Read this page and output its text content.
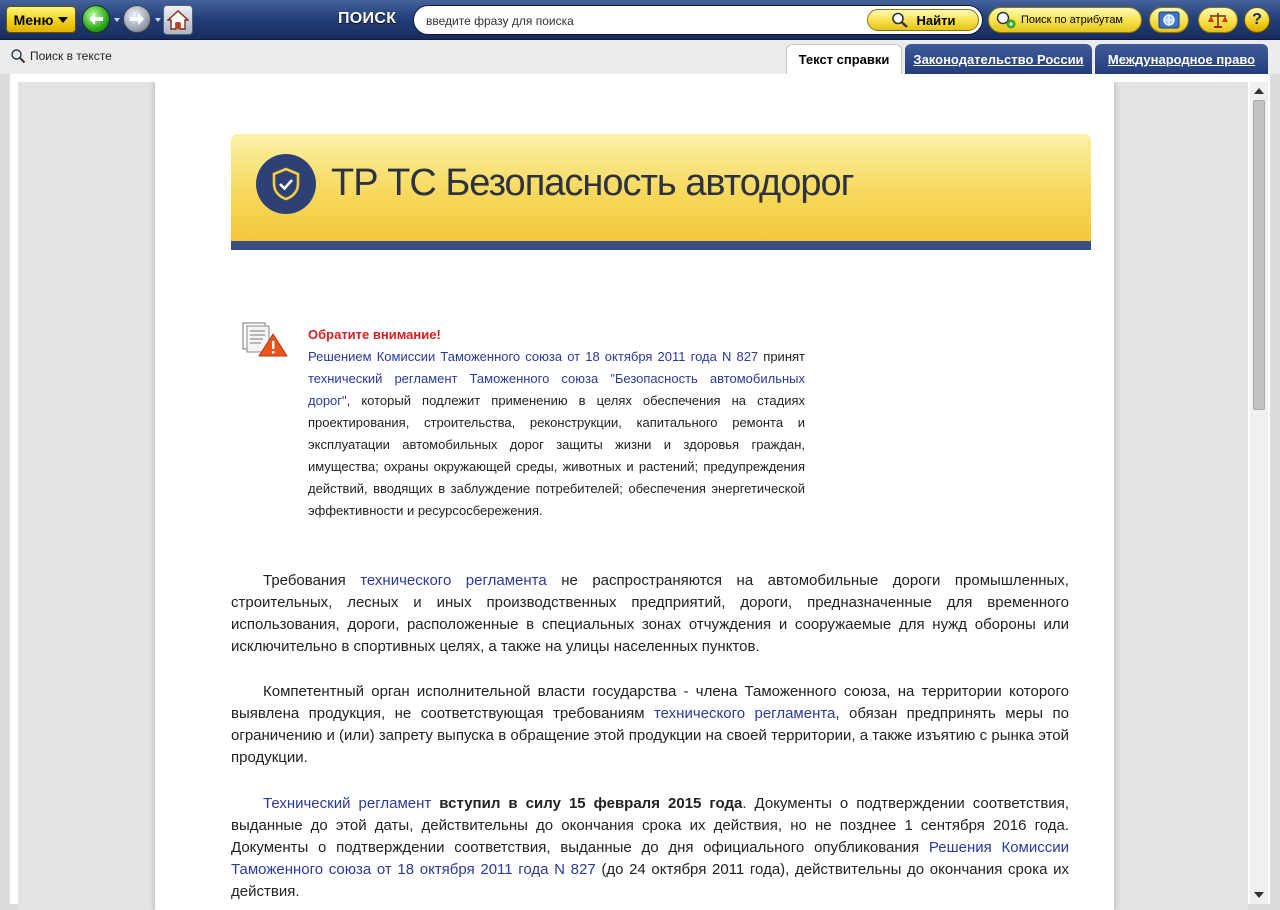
Меню	ПОИСК
введите фразу для поиска	Найти	Поиск по атрибутам	?
Поиск в тексте	Текст справки Законодательство России Международное право
ТР ТС Безопасность автодорог
Обратите внимание!
Решением Комиссии Таможенного союза от 18 октября 2011 года N 827 принят технический регламент Таможенного союза "Безопасность автомобильных дорог", который подлежит применению в целях обеспечения на стадиях проектирования, строительства, реконструкции, капитального ремонта и эксплуатации автомобильных дорог защиты жизни и здоровья граждан, имущества; охраны окружающей среды, животных и растений; предупреждения действий, вводящих в заблуждение потребителей; обеспечения энергетической эффективности и ресурсосбережения.
Требования технического регламента не распространяются на автомобильные дороги промышленных, строительных, лесных и иных производственных предприятий, дороги, предназначенные для временного использования, дороги, расположенные в специальных зонах отчуждения и сооружаемые для нужд обороны или исключительно в спортивных целях, а также на улицы населенных пунктов.
Компетентный орган исполнительной власти государства - члена Таможенного союза, на территории которого выявлена продукция, не соответствующая требованиям технического регламента, обязан предпринять меры по ограничению и (или) запрету выпуска в обращение этой продукции на своей территории, а также изъятию с рынка этой продукции.
Технический регламент вступил в силу 15 февраля 2015 года. Документы о подтверждении соответствия, выданные до этой даты, действительны до окончания срока их действия, но не позднее 1 сентября 2016 года. Документы о подтверждении соответствия, выданные до дня официального опубликования Решения Комиссии Таможенного союза от 18 октября 2011 года N 827 (до 24 октября 2011 года), действительны до окончания срока их действия.
